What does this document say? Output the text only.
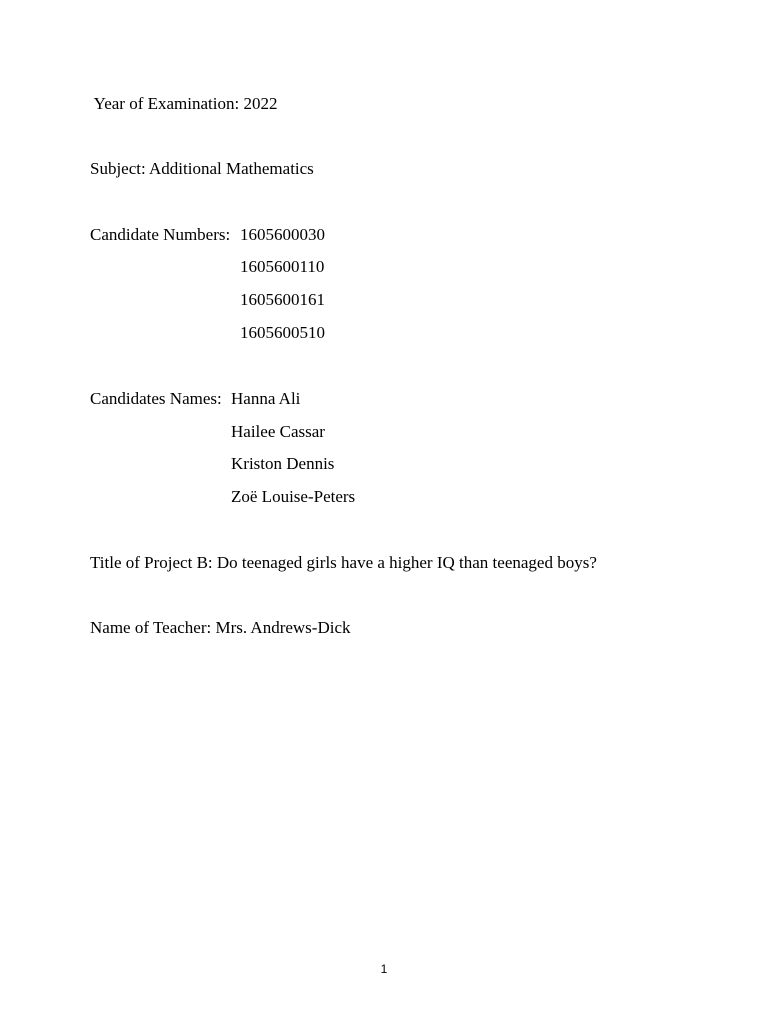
Year of Examination: 2022
Subject: Additional Mathematics
Candidate Numbers: 1605600030
1605600110
1605600161
1605600510
Candidates Names: Hanna Ali
Hailee Cassar
Kriston Dennis
Zoë Louise-Peters
Title of Project B: Do teenaged girls have a higher IQ than teenaged boys?
Name of Teacher: Mrs. Andrews-Dick
1
